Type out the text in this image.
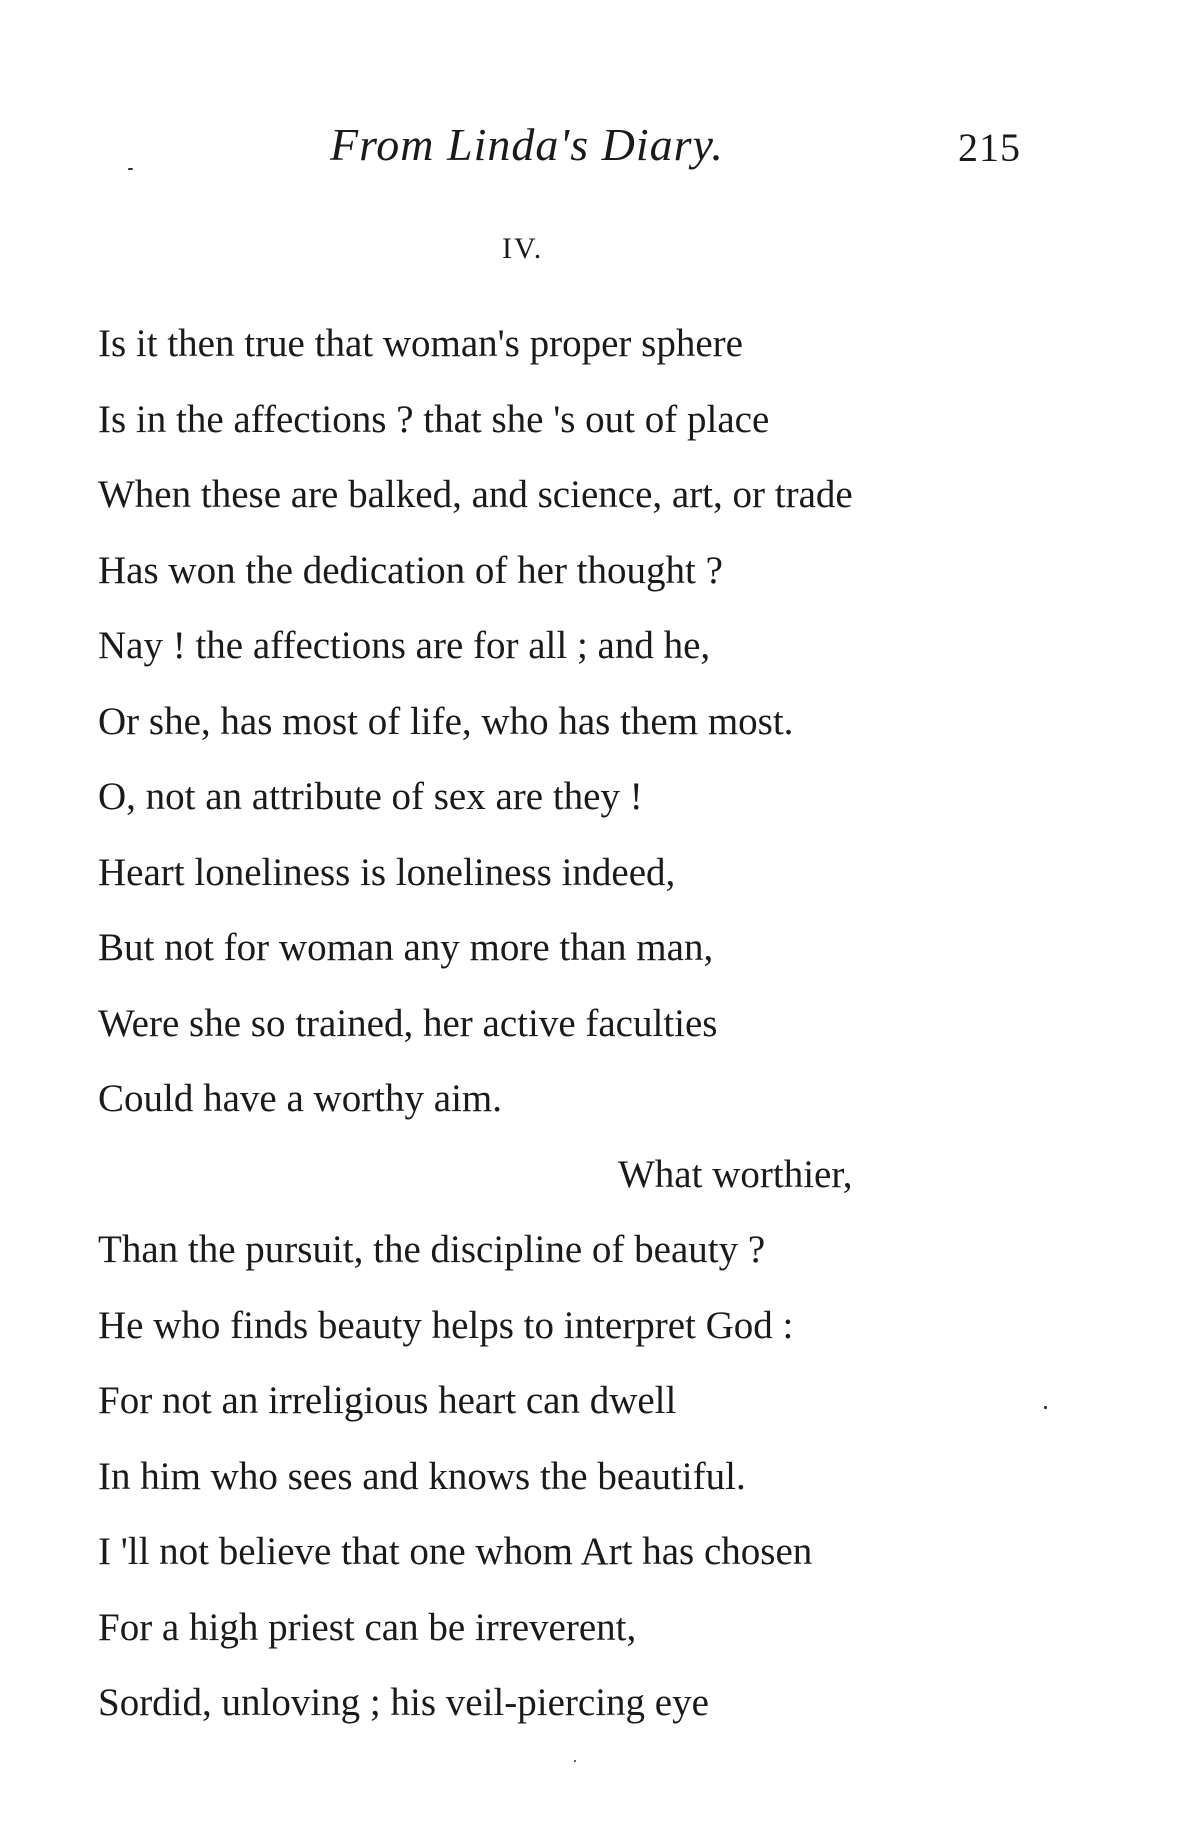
From Linda's Diary.	215
IV.
Is it then true that woman's proper sphere
Is in the affections ? that she 's out of place
When these are balked, and science, art, or trade
Has won the dedication of her thought ?
Nay ! the affections are for all ; and he,
Or she, has most of life, who has them most.
O, not an attribute of sex are they !
Heart loneliness is loneliness indeed,
But not for woman any more than man,
Were she so trained, her active faculties
Could have a worthy aim.
What worthier,
Than the pursuit, the discipline of beauty ?
He who finds beauty helps to interpret God :
For not an irreligious heart can dwell
In him who sees and knows the beautiful.
I 'll not believe that one whom Art has chosen
For a high priest can be irreverent,
Sordid, unloving ; his veil-piercing eye
